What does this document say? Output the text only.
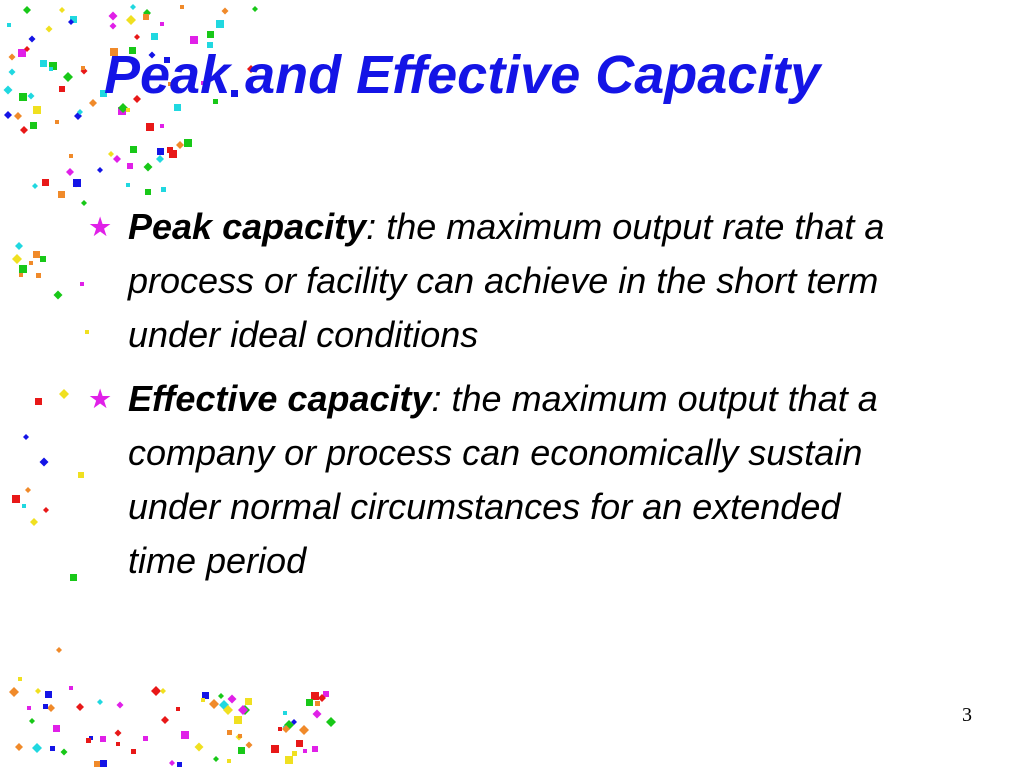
Peak and Effective Capacity
★ Peak capacity: the maximum output rate that a process or facility can achieve in the short term under ideal conditions
★ Effective capacity: the maximum output that a company or process can economically sustain under normal circumstances for an extended time period
3
